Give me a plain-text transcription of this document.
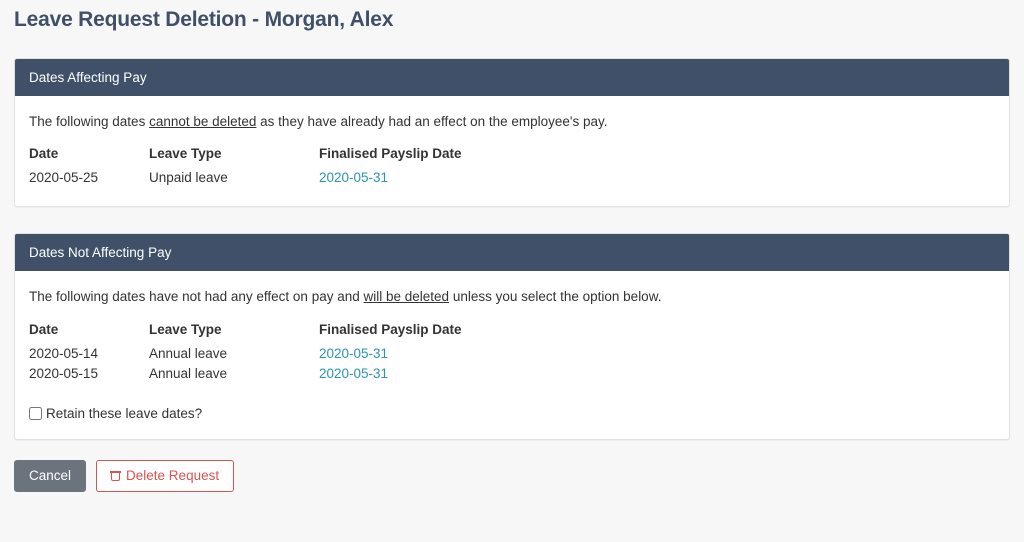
Leave Request Deletion - Morgan, Alex
Dates Affecting Pay

The following dates cannot be deleted as they have already had an effect on the employee's pay.

Date	Leave Type	Finalised Payslip Date
2020-05-25	Unpaid leave	2020-05-31
Dates Not Affecting Pay

The following dates have not had any effect on pay and will be deleted unless you select the option below.

Date	Leave Type	Finalised Payslip Date
2020-05-14	Annual leave	2020-05-31
2020-05-15	Annual leave	2020-05-31
Retain these leave dates?
Cancel	Delete Request
